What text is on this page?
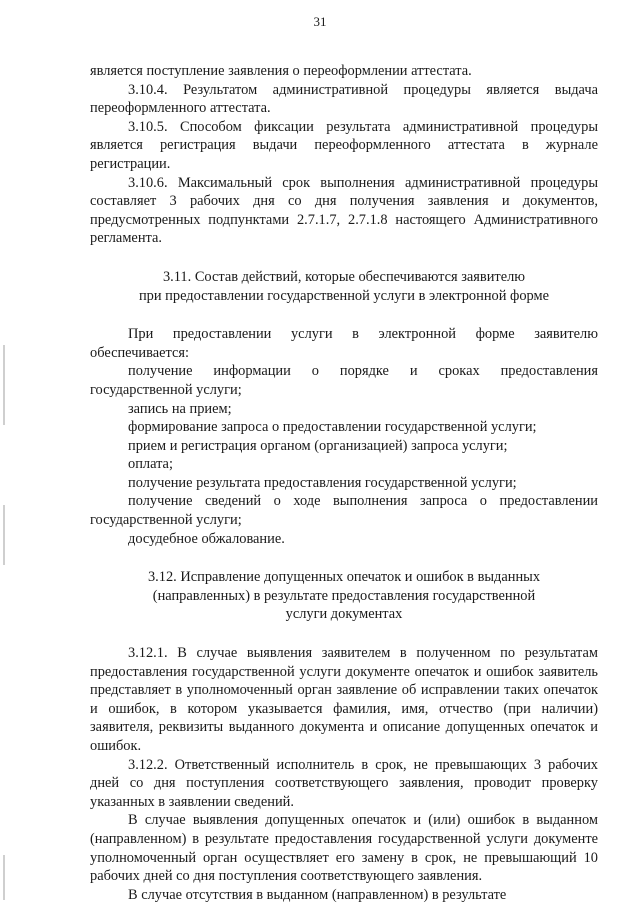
31

является поступление заявления о переоформлении аттестата.

3.10.4. Результатом административной процедуры является выдача переоформленного аттестата.

3.10.5. Способом фиксации результата административной процедуры является регистрация выдачи переоформленного аттестата в журнале регистрации.

3.10.6. Максимальный срок выполнения административной процедуры составляет 3 рабочих дня со дня получения заявления и документов, предусмотренных подпунктами 2.7.1.7, 2.7.1.8 настоящего Административного регламента.

3.11. Состав действий, которые обеспечиваются заявителю

при предоставлении государственной услуги в электронной форме

При предоставлении услуги в электронной форме заявителю обеспечивается:

получение информации о порядке и сроках предоставления государственной услуги;

запись на прием;

формирование запроса о предоставлении государственной услуги;

прием и регистрация органом (организацией) запроса услуги;

оплата;

получение результата предоставления государственной услуги;

получение сведений о ходе выполнения запроса о предоставлении государственной услуги;

досудебное обжалование.

3.12. Исправление допущенных опечаток и ошибок в выданных

(направленных) в результате предоставления государственной

услуги документах

3.12.1. В случае выявления заявителем в полученном по результатам предоставления государственной услуги документе опечаток и ошибок заявитель представляет в уполномоченный орган заявление об исправлении таких опечаток и ошибок, в котором указывается фамилия, имя, отчество (при наличии) заявителя, реквизиты выданного документа и описание допущенных опечаток и ошибок.

3.12.2. Ответственный исполнитель в срок, не превышающих 3 рабочих дней со дня поступления соответствующего заявления, проводит проверку указанных в заявлении сведений.

В случае выявления допущенных опечаток и (или) ошибок в выданном (направленном) в результате предоставления государственной услуги документе уполномоченный орган осуществляет его замену в срок, не превышающий 10 рабочих дней со дня поступления соответствующего заявления.

В случае отсутствия в выданном (направленном) в результате
